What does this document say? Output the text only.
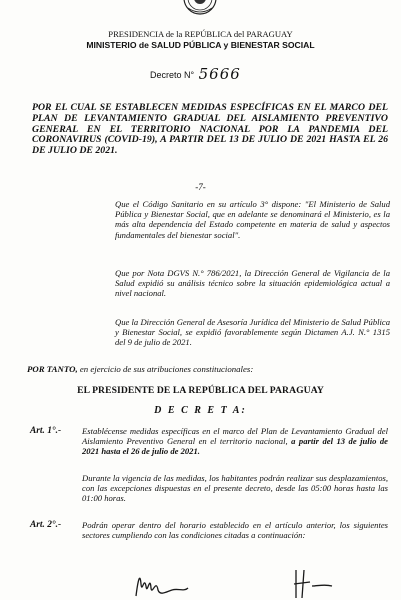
PRESIDENCIA de la REPÚBLICA del PARAGUAY
MINISTERIO de SALUD PÚBLICA y BIENESTAR SOCIAL
Decreto N° 5666

POR EL CUAL SE ESTABLECEN MEDIDAS ESPECÍFICAS EN EL MARCO DEL PLAN DE LEVANTAMIENTO GRADUAL DEL AISLAMIENTO PREVENTIVO GENERAL EN EL TERRITORIO NACIONAL POR LA PANDEMIA DEL CORONAVIRUS (COVID-19), A PARTIR DEL 13 DE JULIO DE 2021 HASTA EL 26 DE JULIO DE 2021.

-7-

Que el Código Sanitario en su artículo 3° dispone: "El Ministerio de Salud Pública y Bienestar Social, que en adelante se denominará el Ministerio, es la más alta dependencia del Estado competente en materia de salud y aspectos fundamentales del bienestar social".

Que por Nota DGVS N.° 786/2021, la Dirección General de Vigilancia de la Salud expidió su análisis técnico sobre la situación epidemiológica actual a nivel nacional.

Que la Dirección General de Asesoría Jurídica del Ministerio de Salud Pública y Bienestar Social, se expidió favorablemente según Dictamen A.J. N.° 1315 del 9 de julio de 2021.

POR TANTO, en ejercicio de sus atribuciones constitucionales:
EL PRESIDENTE DE LA REPÚBLICA DEL PARAGUAY
D E C R E T A:
Art. 1°.- Establécense medidas específicas en el marco del Plan de Levantamiento Gradual del Aislamiento Preventivo General en el territorio nacional, a partir del 13 de julio de 2021 hasta el 26 de julio de 2021.

Durante la vigencia de las medidas, los habitantes podrán realizar sus desplazamientos, con las excepciones dispuestas en el presente decreto, desde las 05:00 horas hasta las 01:00 horas.

Art. 2°.- Podrán operar dentro del horario establecido en el artículo anterior, los siguientes sectores cumpliendo con las condiciones citadas a continuación:
